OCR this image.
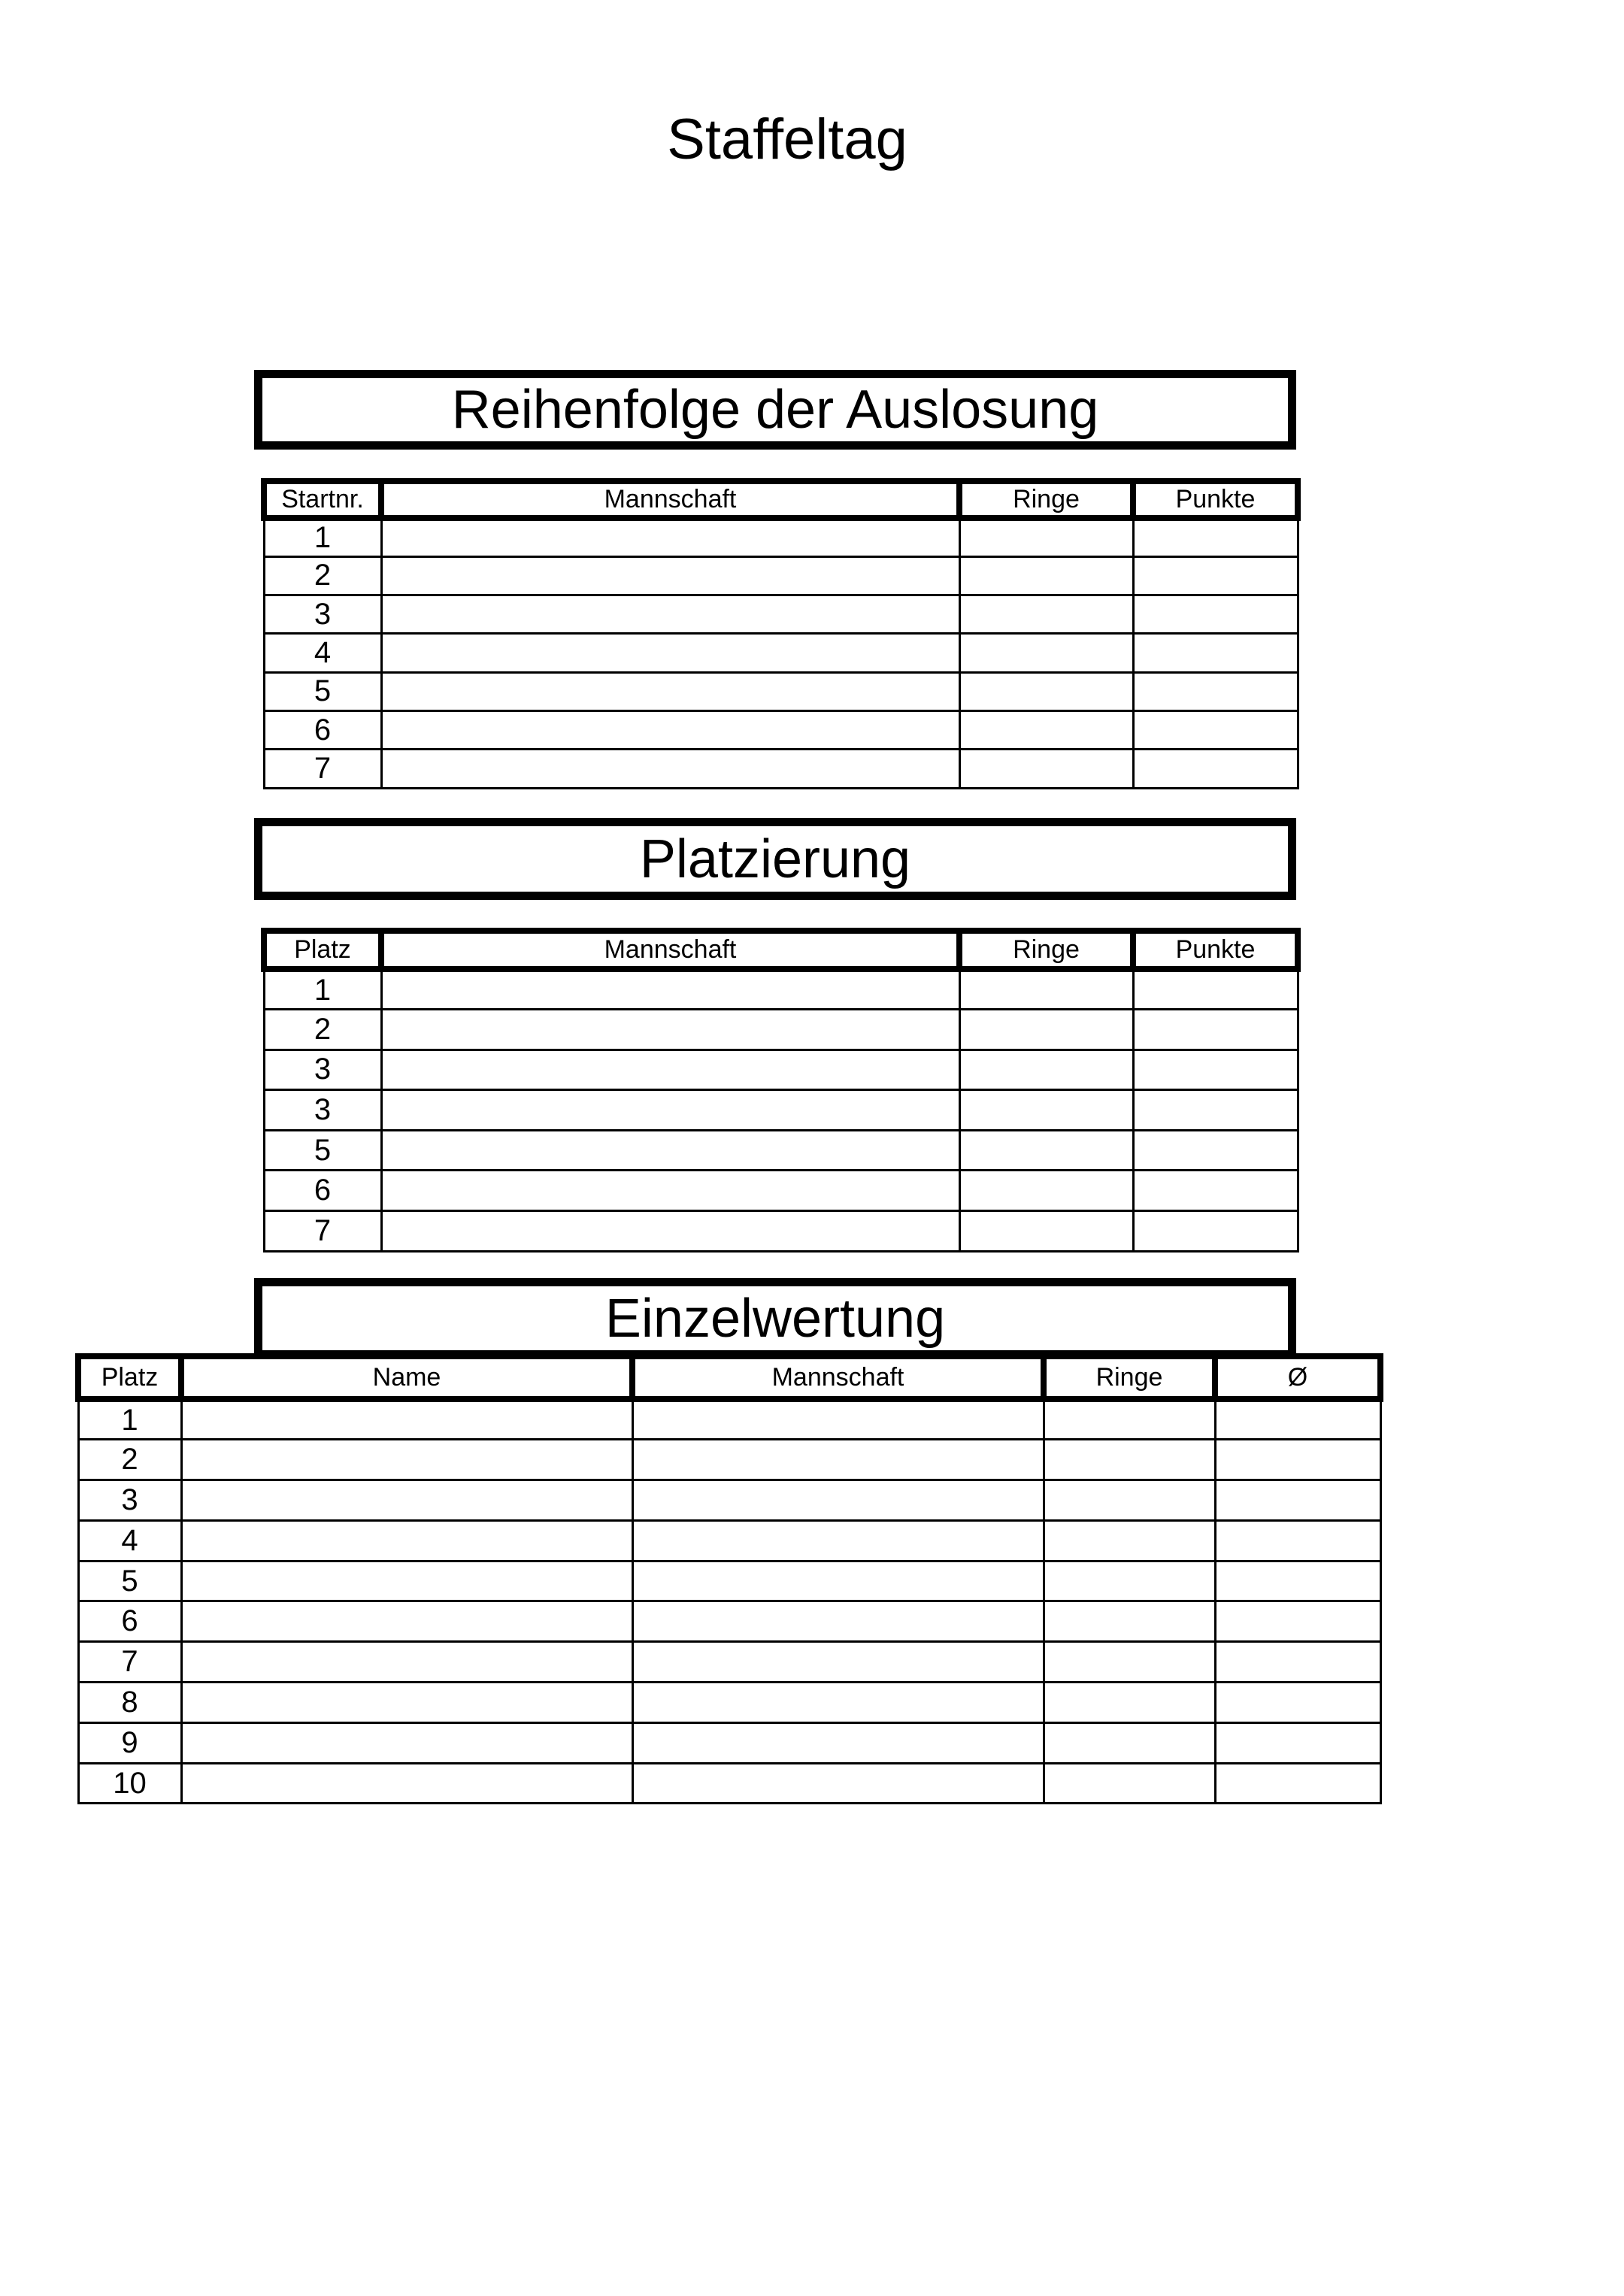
Staffeltag
Reihenfolge der Auslosung
Startnr.	Mannschaft	Ringe	Punkte
1			
2			
3			
4			
5			
6			
7			
Platzierung
Platz	Mannschaft	Ringe	Punkte
1			
2			
3			
3			
5			
6			
7			
Einzelwertung
Platz	Name	Mannschaft	Ringe	Ø
1				
2				
3				
4				
5				
6				
7				
8				
9				
10				
